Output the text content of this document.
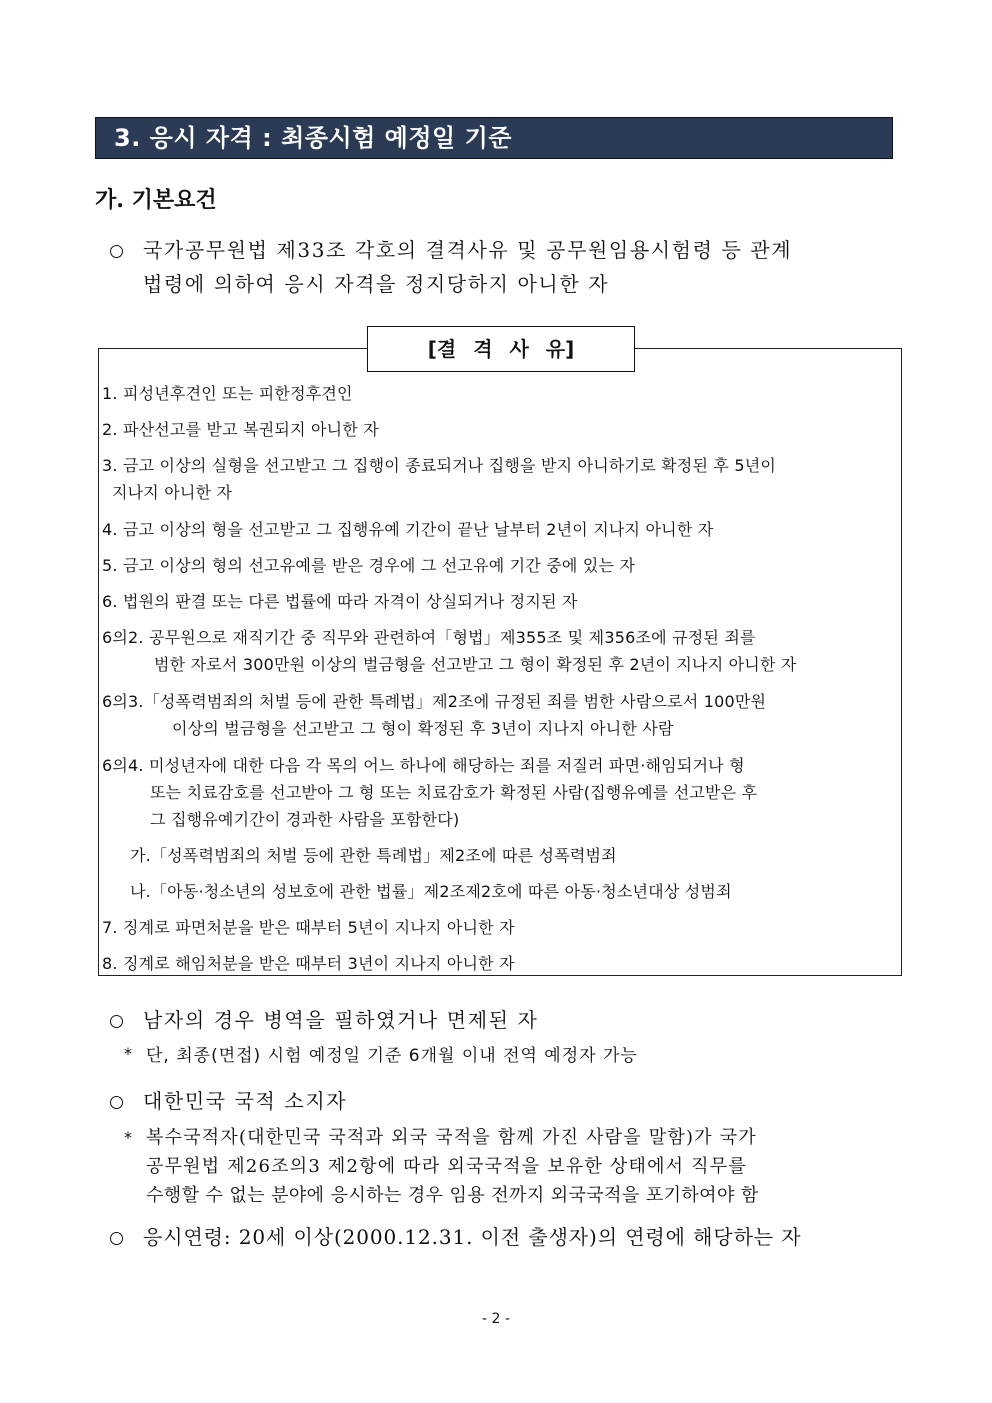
3. 응시 자격 : 최종시험 예정일 기준
가. 기본요건
국가공무원법 제33조 각호의 결격사유 및 공무원임용시험령 등 관계
법령에 의하여 응시 자격을 정지당하지 아니한 자
[결 격 사 유]
1. 피성년후견인 또는 피한정후견인
2. 파산선고를 받고 복권되지 아니한 자
3. 금고 이상의 실형을 선고받고 그 집행이 종료되거나 집행을 받지 아니하기로 확정된 후 5년이
지나지 아니한 자
4. 금고 이상의 형을 선고받고 그 집행유예 기간이 끝난 날부터 2년이 지나지 아니한 자
5. 금고 이상의 형의 선고유예를 받은 경우에 그 선고유예 기간 중에 있는 자
6. 법원의 판결 또는 다른 법률에 따라 자격이 상실되거나 정지된 자
6의2. 공무원으로 재직기간 중 직무와 관련하여「형법」제355조 및 제356조에 규정된 죄를
범한 자로서 300만원 이상의 벌금형을 선고받고 그 형이 확정된 후 2년이 지나지 아니한 자
6의3.「성폭력범죄의 처벌 등에 관한 특례법」제2조에 규정된 죄를 범한 사람으로서 100만원
이상의 벌금형을 선고받고 그 형이 확정된 후 3년이 지나지 아니한 사람
6의4. 미성년자에 대한 다음 각 목의 어느 하나에 해당하는 죄를 저질러 파면·해임되거나 형
또는 치료감호를 선고받아 그 형 또는 치료감호가 확정된 사람(집행유예를 선고받은 후
그 집행유예기간이 경과한 사람을 포함한다)
가.「성폭력범죄의 처벌 등에 관한 특례법」제2조에 따른 성폭력범죄
나.「아동·청소년의 성보호에 관한 법률」제2조제2호에 따른 아동·청소년대상 성범죄
7. 징계로 파면처분을 받은 때부터 5년이 지나지 아니한 자
8. 징계로 해임처분을 받은 때부터 3년이 지나지 아니한 자
남자의 경우 병역을 필하였거나 면제된 자
* 단, 최종(면접) 시험 예정일 기준 6개월 이내 전역 예정자 가능
대한민국 국적 소지자
* 복수국적자(대한민국 국적과 외국 국적을 함께 가진 사람을 말함)가 국가
공무원법 제26조의3 제2항에 따라 외국국적을 보유한 상태에서 직무를
수행할 수 없는 분야에 응시하는 경우 임용 전까지 외국국적을 포기하여야 함
응시연령: 20세 이상(2000.12.31. 이전 출생자)의 연령에 해당하는 자
- 2 -
